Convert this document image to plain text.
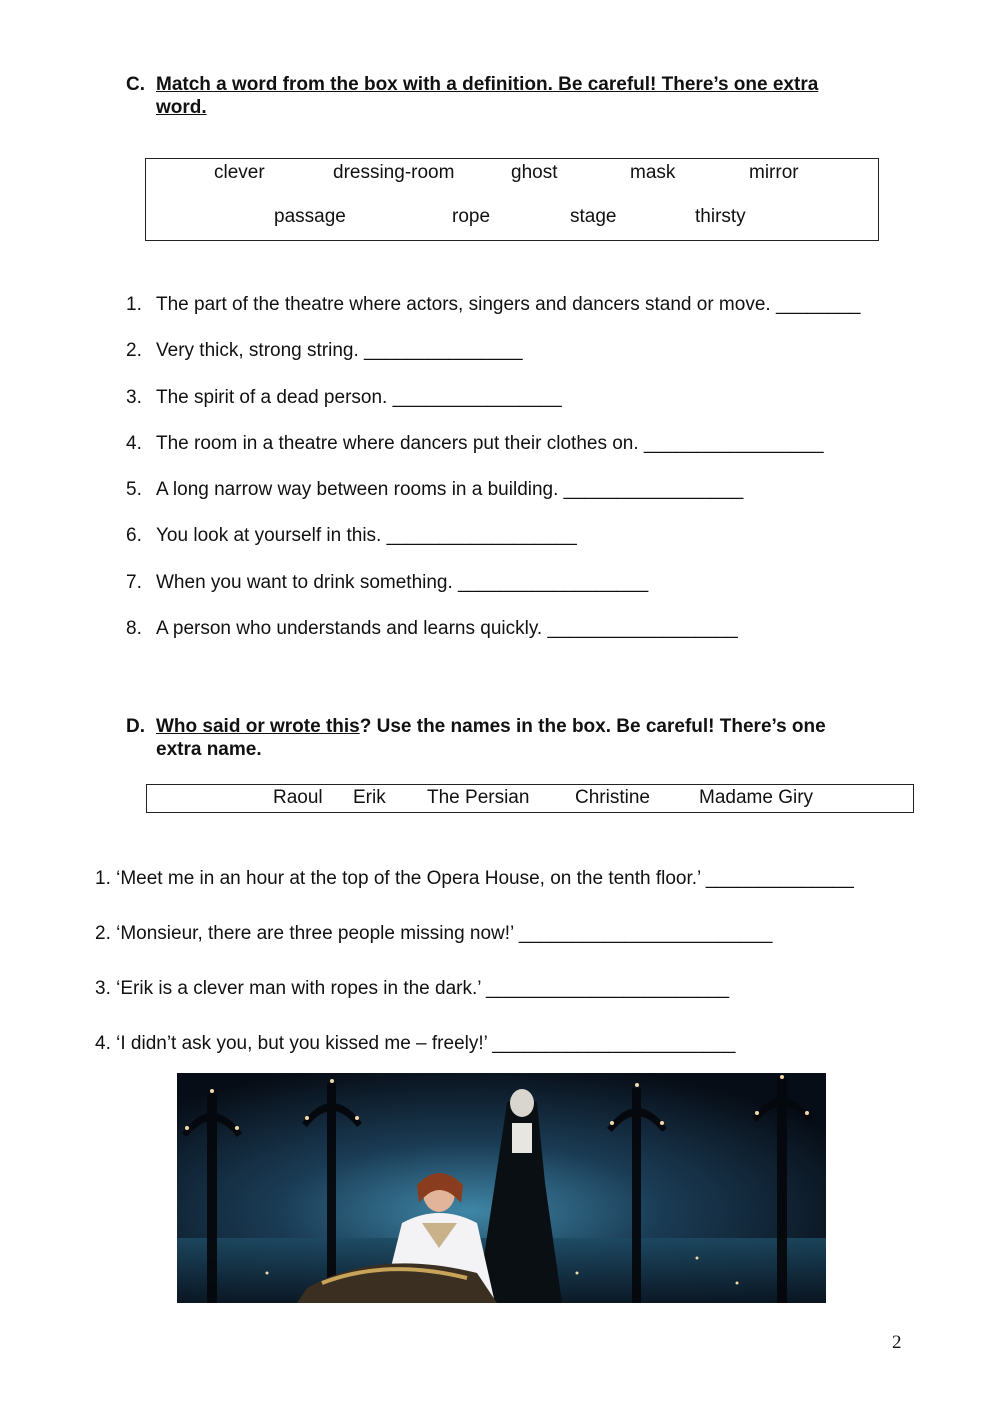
C. Match a word from the box with a definition. Be careful! There’s one extra
word.
clever	dressing-room	ghost	mask	mirror
passage	rope	stage	thirsty
1. The part of the theatre where actors, singers and dancers stand or move. ________
2. Very thick, strong string. _______________
3. The spirit of a dead person. ________________
4. The room in a theatre where dancers put their clothes on. _________________
5. A long narrow way between rooms in a building. _________________
6. You look at yourself in this. __________________
7. When you want to drink something. __________________
8. A person who understands and learns quickly. __________________
D. Who said or wrote this? Use the names in the box. Be careful! There’s one
extra name.
Raoul Erik The Persian Christine	Madame Giry
1. ‘Meet me in an hour at the top of the Opera House, on the tenth floor.’ ______________
2. ‘Monsieur, there are three people missing now!’ ________________________
3. ‘Erik is a clever man with ropes in the dark.’ _______________________
4. ‘I didn’t ask you, but you kissed me – freely!’ _______________________
2
